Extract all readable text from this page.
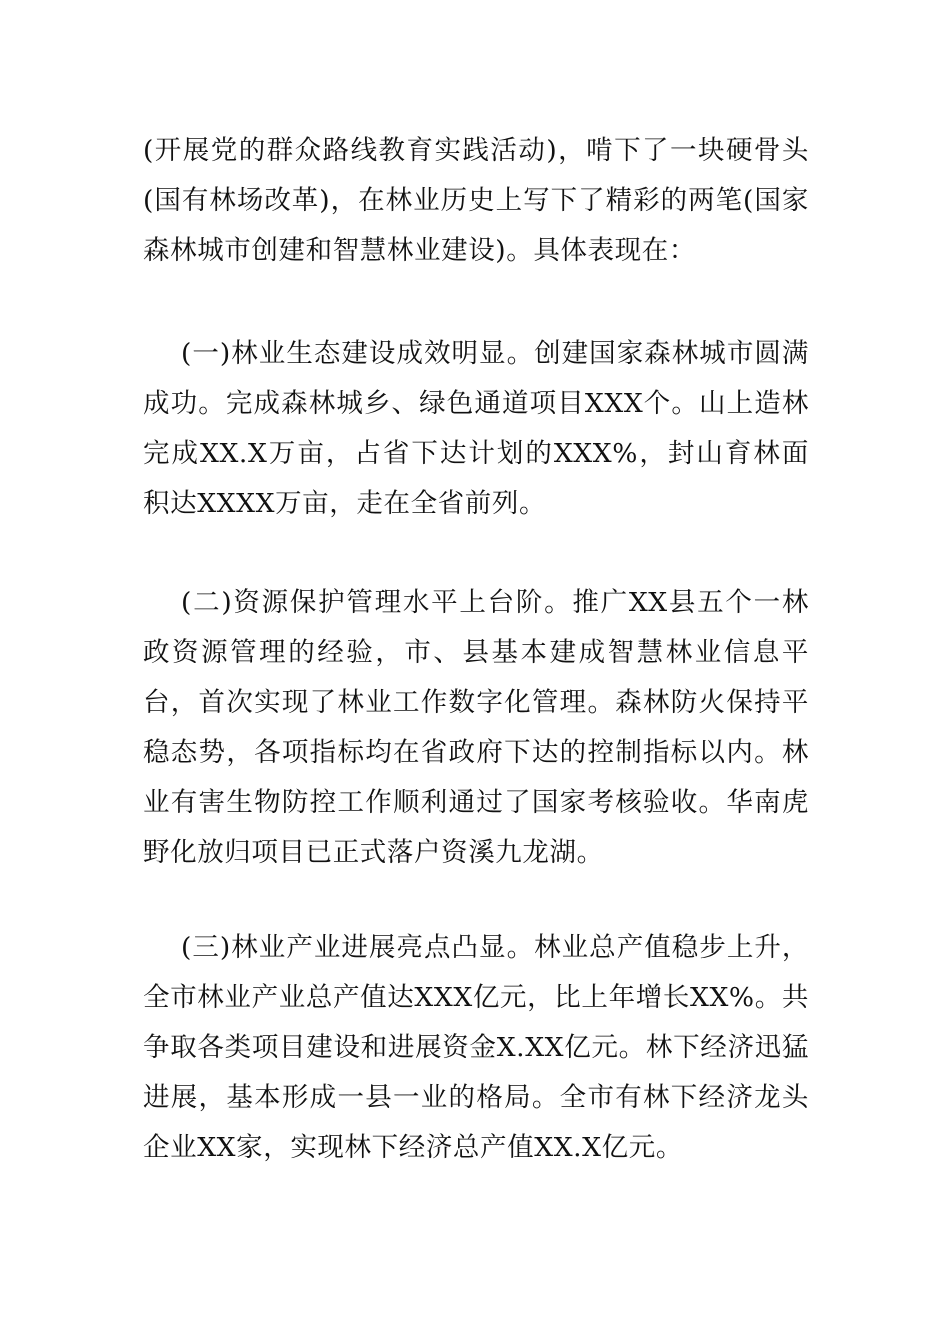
(开展党的群众路线教育实践活动)，啃下了一块硬骨头(国有林场改革)，在林业历史上写下了精彩的两笔(国家森林城市创建和智慧林业建设)。具体表现在：

(一)林业生态建设成效明显。创建国家森林城市圆满成功。完成森林城乡、绿色通道项目XXX个。山上造林完成XX.X万亩，占省下达计划的XXX%，封山育林面积达XXXX万亩，走在全省前列。

(二)资源保护管理水平上台阶。推广XX县五个一林政资源管理的经验，市、县基本建成智慧林业信息平台，首次实现了林业工作数字化管理。森林防火保持平稳态势，各项指标均在省政府下达的控制指标以内。林业有害生物防控工作顺利通过了国家考核验收。华南虎野化放归项目已正式落户资溪九龙湖。

(三)林业产业进展亮点凸显。林业总产值稳步上升，全市林业产业总产值达XXX亿元，比上年增长XX%。共争取各类项目建设和进展资金X.XX亿元。林下经济迅猛进展，基本形成一县一业的格局。全市有林下经济龙头企业XX家，实现林下经济总产值XX.X亿元。
